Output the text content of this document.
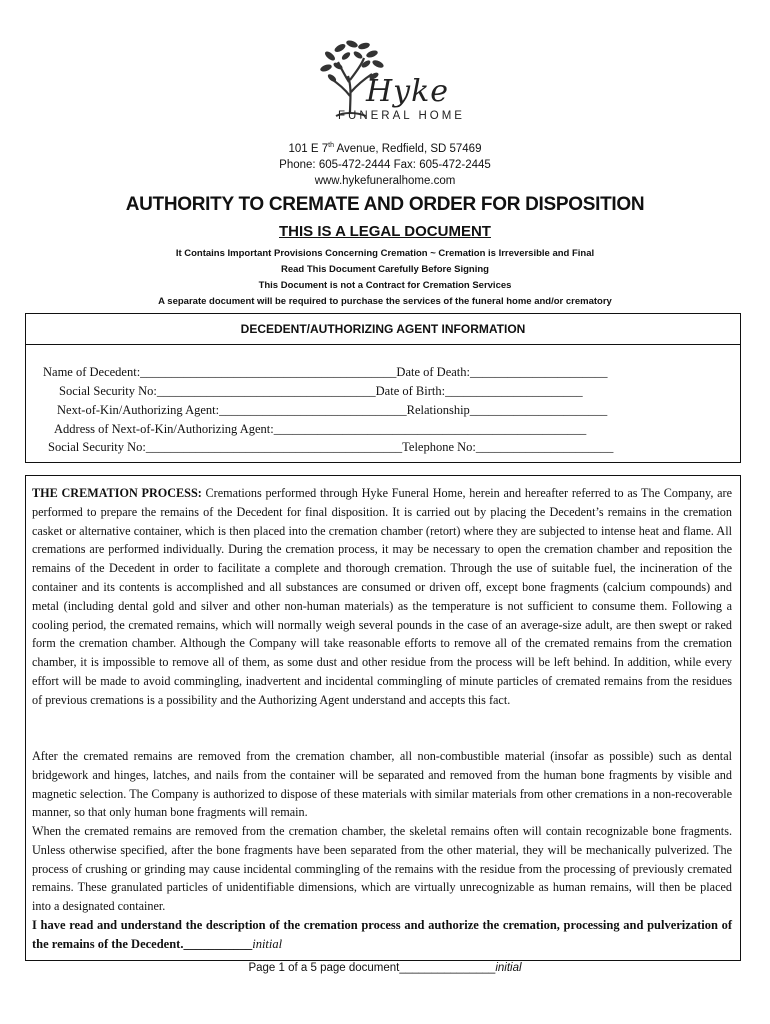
Hyke
FUNERAL HOME
101 E 7th Avenue, Redfield, SD 57469
Phone: 605-472-2444 Fax: 605-472-2445
www.hykefuneralhome.com
AUTHORITY TO CREMATE AND ORDER FOR DISPOSITION
THIS IS A LEGAL DOCUMENT
It Contains Important Provisions Concerning Cremation ~ Cremation is Irreversible and Final
Read This Document Carefully Before Signing
This Document is not a Contract for Cremation Services
A separate document will be required to purchase the services of the funeral home and/or crematory
DECEDENT/AUTHORIZING AGENT INFORMATION
Name of Decedent:_________________________________________Date of Death:______________________
Social Security No:___________________________________Date of Birth:______________________
Next-of-Kin/Authorizing Agent:______________________________Relationship______________________
Address of Next-of-Kin/Authorizing Agent:__________________________________________________
Social Security No:_________________________________________Telephone No:______________________
THE CREMATION PROCESS: Cremations performed through Hyke Funeral Home, herein and hereafter referred to as The Company, are performed to prepare the remains of the Decedent for final disposition. It is carried out by placing the Decedent’s remains in the cremation casket or alternative container, which is then placed into the cremation chamber (retort) where they are subjected to intense heat and flame. All cremations are performed individually. During the cremation process, it may be necessary to open the cremation chamber and reposition the remains of the Decedent in order to facilitate a complete and thorough cremation. Through the use of suitable fuel, the incineration of the container and its contents is accomplished and all substances are consumed or driven off, except bone fragments (calcium compounds) and metal (including dental gold and silver and other non-human materials) as the temperature is not sufficient to consume them. Following a cooling period, the cremated remains, which will normally weigh several pounds in the case of an average-size adult, are then swept or raked form the cremation chamber. Although the Company will take reasonable efforts to remove all of the cremated remains from the cremation chamber, it is impossible to remove all of them, as some dust and other residue from the process will be left behind. In addition, while every effort will be made to avoid commingling, inadvertent and incidental commingling of minute particles of cremated remains from the residues of previous cremations is a possibility and the Authorizing Agent understand and accepts this fact.
After the cremated remains are removed from the cremation chamber, all non-combustible material (insofar as possible) such as dental bridgework and hinges, latches, and nails from the container will be separated and removed from the human bone fragments by visible and magnetic selection. The Company is authorized to dispose of these materials with similar materials from other cremations in a non-recoverable manner, so that only human bone fragments will remain.
When the cremated remains are removed from the cremation chamber, the skeletal remains often will contain recognizable bone fragments. Unless otherwise specified, after the bone fragments have been separated from the other material, they will be mechanically pulverized. The process of crushing or grinding may cause incidental commingling of the remains with the residue from the processing of previously cremated remains. These granulated particles of unidentifiable dimensions, which are virtually unrecognizable as human remains, will then be placed into a designated container.
I have read and understand the description of the cremation process and authorize the cremation, processing and pulverization of the remains of the Decedent.___________initial
Page 1 of a 5 page document_______________initial
